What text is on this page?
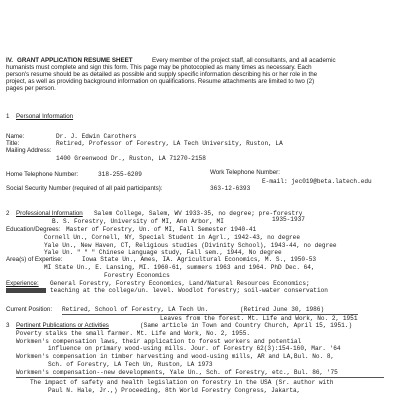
IV. GRANT APPLICATION RESUME SHEET	Every member of the project staff, all consultants, and all academic
humanists must complete and sign this form. This page may be photocopied as many times as necessary. Each
person's resume should be as detailed as possible and supply specific information describing his or her role in the
project, as well as providing background information on qualifications. Resume attachments are limited to two (2)
pages per person.
1 Personal Information
Name:	Dr. J. Edwin Carothers
Title:	Retired, Professor of Forestry, LA Tech University, Ruston, LA
Mailing Address:
1400 Greenwood Dr., Ruston, LA 71270-2158
Home Telephone Number:	318-255-6209	Work Telephone Number:
E-mail: jec019@beta.latech.edu
Social Security Number (required of all paid participants):	363-12-6393
2 Professional Information Salem College, Salem, WV 1933-35, no degree; pre-forestry
1935-1937
B. S. Forestry, University of MI, Ann Arbor, MI
Education/Degrees: Master of Forestry, Un. of MI, Fall Semester 1940-41
Cornell Un., Cornell, NY, Special Student in Agrl., 1942-43, no degree
Yale Un., New Haven, CT, Religious studies (Divinity School), 1943-44, no degree
Yale Un. " " " Chinese Language study, Fall sem., 1944, No degree
Area(s) of Expertise:	Iowa State Un., Ames, IA. Agricultural Economics, M. S., 1950-53
MI State Un., E. Lansing, MI. 1960-61, summers 1963 and 1964. PhD Dec. 64,
Forestry Economics
Experience: General Forestry, Forestry Economics, Land/Natural Resources Economics;
teaching at the college/un. level. Woodlot forestry; soil-water conservation
Current Position: Retired, School of Forestry, LA Tech Un.	(Retired June 30, 1986)
3 Pertinent Publications or Activities
Leaves from the forest. Mt. Life and Work, No. 2, 1951
(Same article in Town and Country Church, April 15, 1951.)
Poverty stalks the small farmer. Mt. Life and Work, No. 2, 1955.
Workmen's compensation laws, their application to forest workers and potential
influence on primary wood-using mills. Jour. of Forestry 62(3):154-160, Mar. '64
Workmen's compensation in timber harvesting and wood-using mills, AR and LA,Bul. No. 8,
Sch. of Forestry, LA Tech Un, Ruston, LA 1973
Workmen's compensation--new developments, Yale Un., Sch. of Forestry, etc., Bul. 86, '75
The impact of safety and health legislation on forestry in the USA (Sr. author with
Paul N. Hale, Jr.,) Proceeding, 8th World Forestry Congress, Jakarta,
